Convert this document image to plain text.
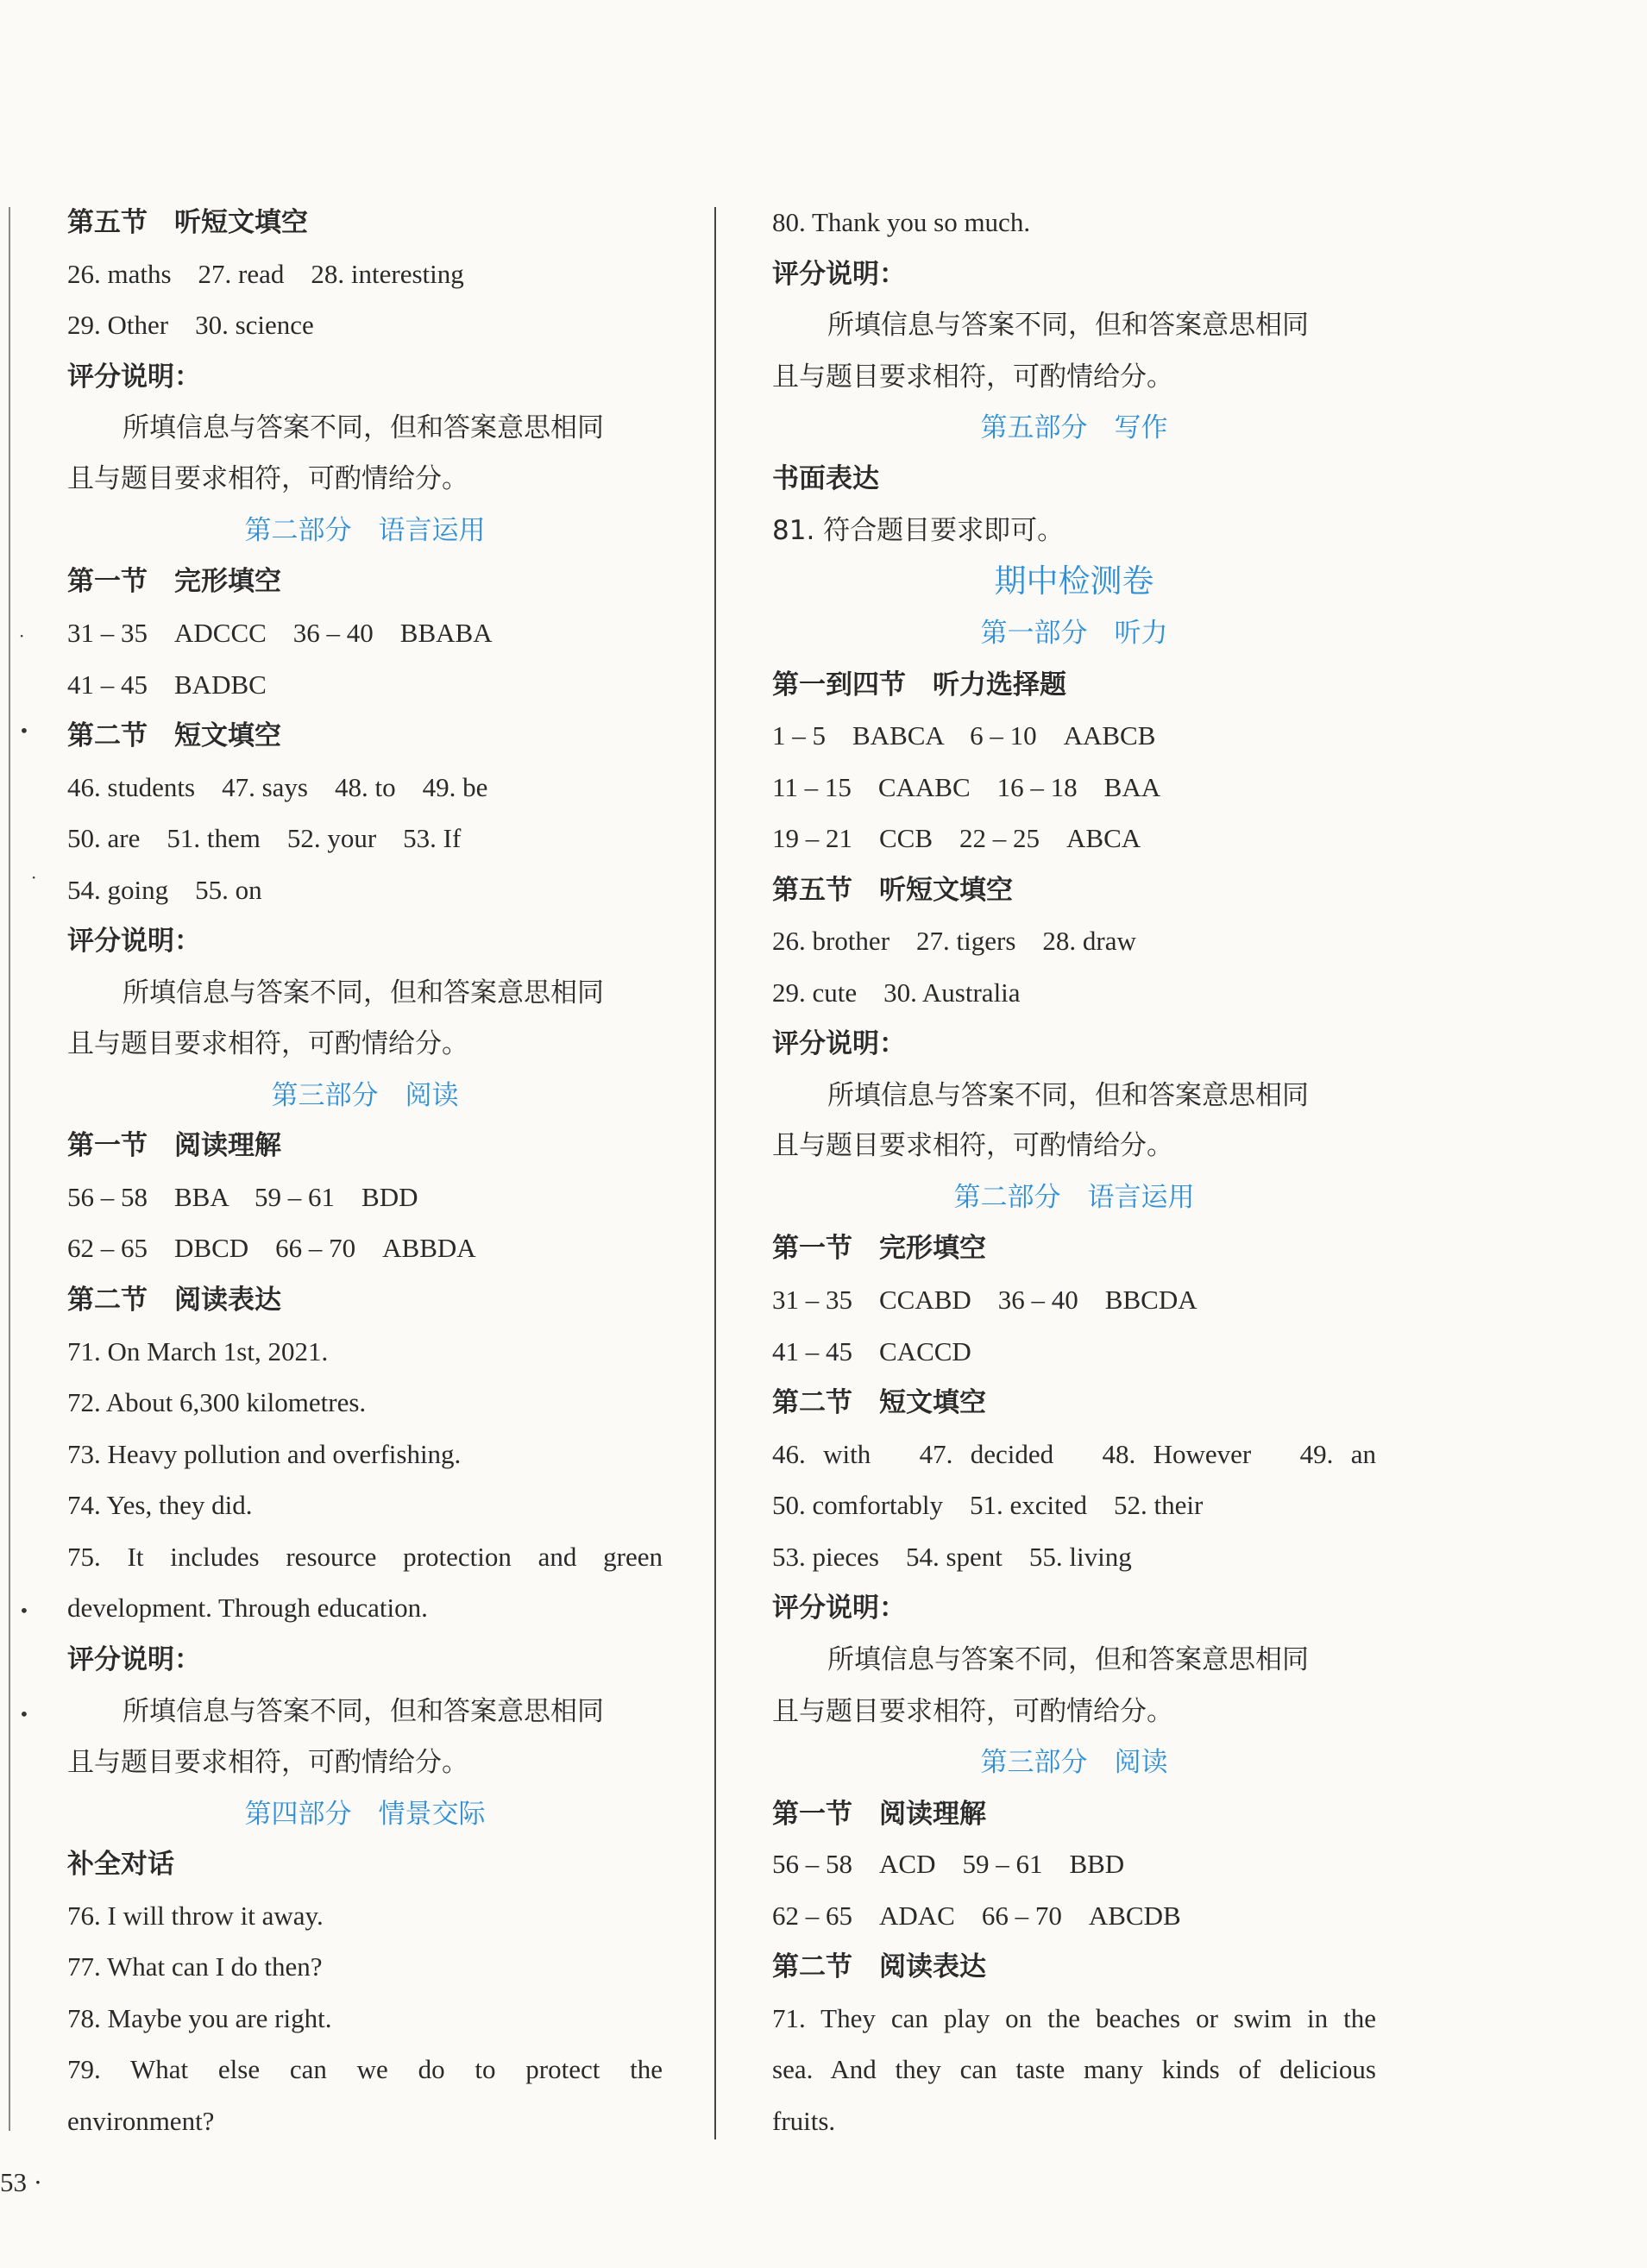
·
•
·
•
•
第五节　听短文填空
26. maths　27. read　28. interesting
29. Other　30. science
评分说明：
所填信息与答案不同，但和答案意思相同
且与题目要求相符，可酌情给分。
第二部分　语言运用
第一节　完形填空
31 – 35　ADCCC　36 – 40　BBABA
41 – 45　BADBC
第二节　短文填空
46. students　47. says　48. to　49. be
50. are　51. them　52. your　53. If
54. going　55. on
评分说明：
所填信息与答案不同，但和答案意思相同
且与题目要求相符，可酌情给分。
第三部分　阅读
第一节　阅读理解
56 – 58　BBA　59 – 61　BDD
62 – 65　DBCD　66 – 70　ABBDA
第二节　阅读表达
71. On March 1st, 2021.
72. About 6,300 kilometres.
73. Heavy pollution and overfishing.
74. Yes, they did.
75. It includes resource protection and green
development. Through education.
评分说明：
所填信息与答案不同，但和答案意思相同
且与题目要求相符，可酌情给分。
第四部分　情景交际
补全对话
76. I will throw it away.
77. What can I do then?
78. Maybe you are right.
79. What else can we do to protect the
environment?
80. Thank you so much.
评分说明：
所填信息与答案不同，但和答案意思相同
且与题目要求相符，可酌情给分。
第五部分　写作
书面表达
81. 符合题目要求即可。
期中检测卷
第一部分　听力
第一到四节　听力选择题
1 – 5　BABCA　6 – 10　AABCB
11 – 15　CAABC　16 – 18　BAA
19 – 21　CCB　22 – 25　ABCA
第五节　听短文填空
26. brother　27. tigers　28. draw
29. cute　30. Australia
评分说明：
所填信息与答案不同，但和答案意思相同
且与题目要求相符，可酌情给分。
第二部分　语言运用
第一节　完形填空
31 – 35　CCABD　36 – 40　BBCDA
41 – 45　CACCD
第二节　短文填空
46. with　47. decided　48. However　49. an
50. comfortably　51. excited　52. their
53. pieces　54. spent　55. living
评分说明：
所填信息与答案不同，但和答案意思相同
且与题目要求相符，可酌情给分。
第三部分　阅读
第一节　阅读理解
56 – 58　ACD　59 – 61　BBD
62 – 65　ADAC　66 – 70　ABCDB
第二节　阅读表达
71. They can play on the beaches or swim in the
sea. And they can taste many kinds of delicious
fruits.
53 ·
